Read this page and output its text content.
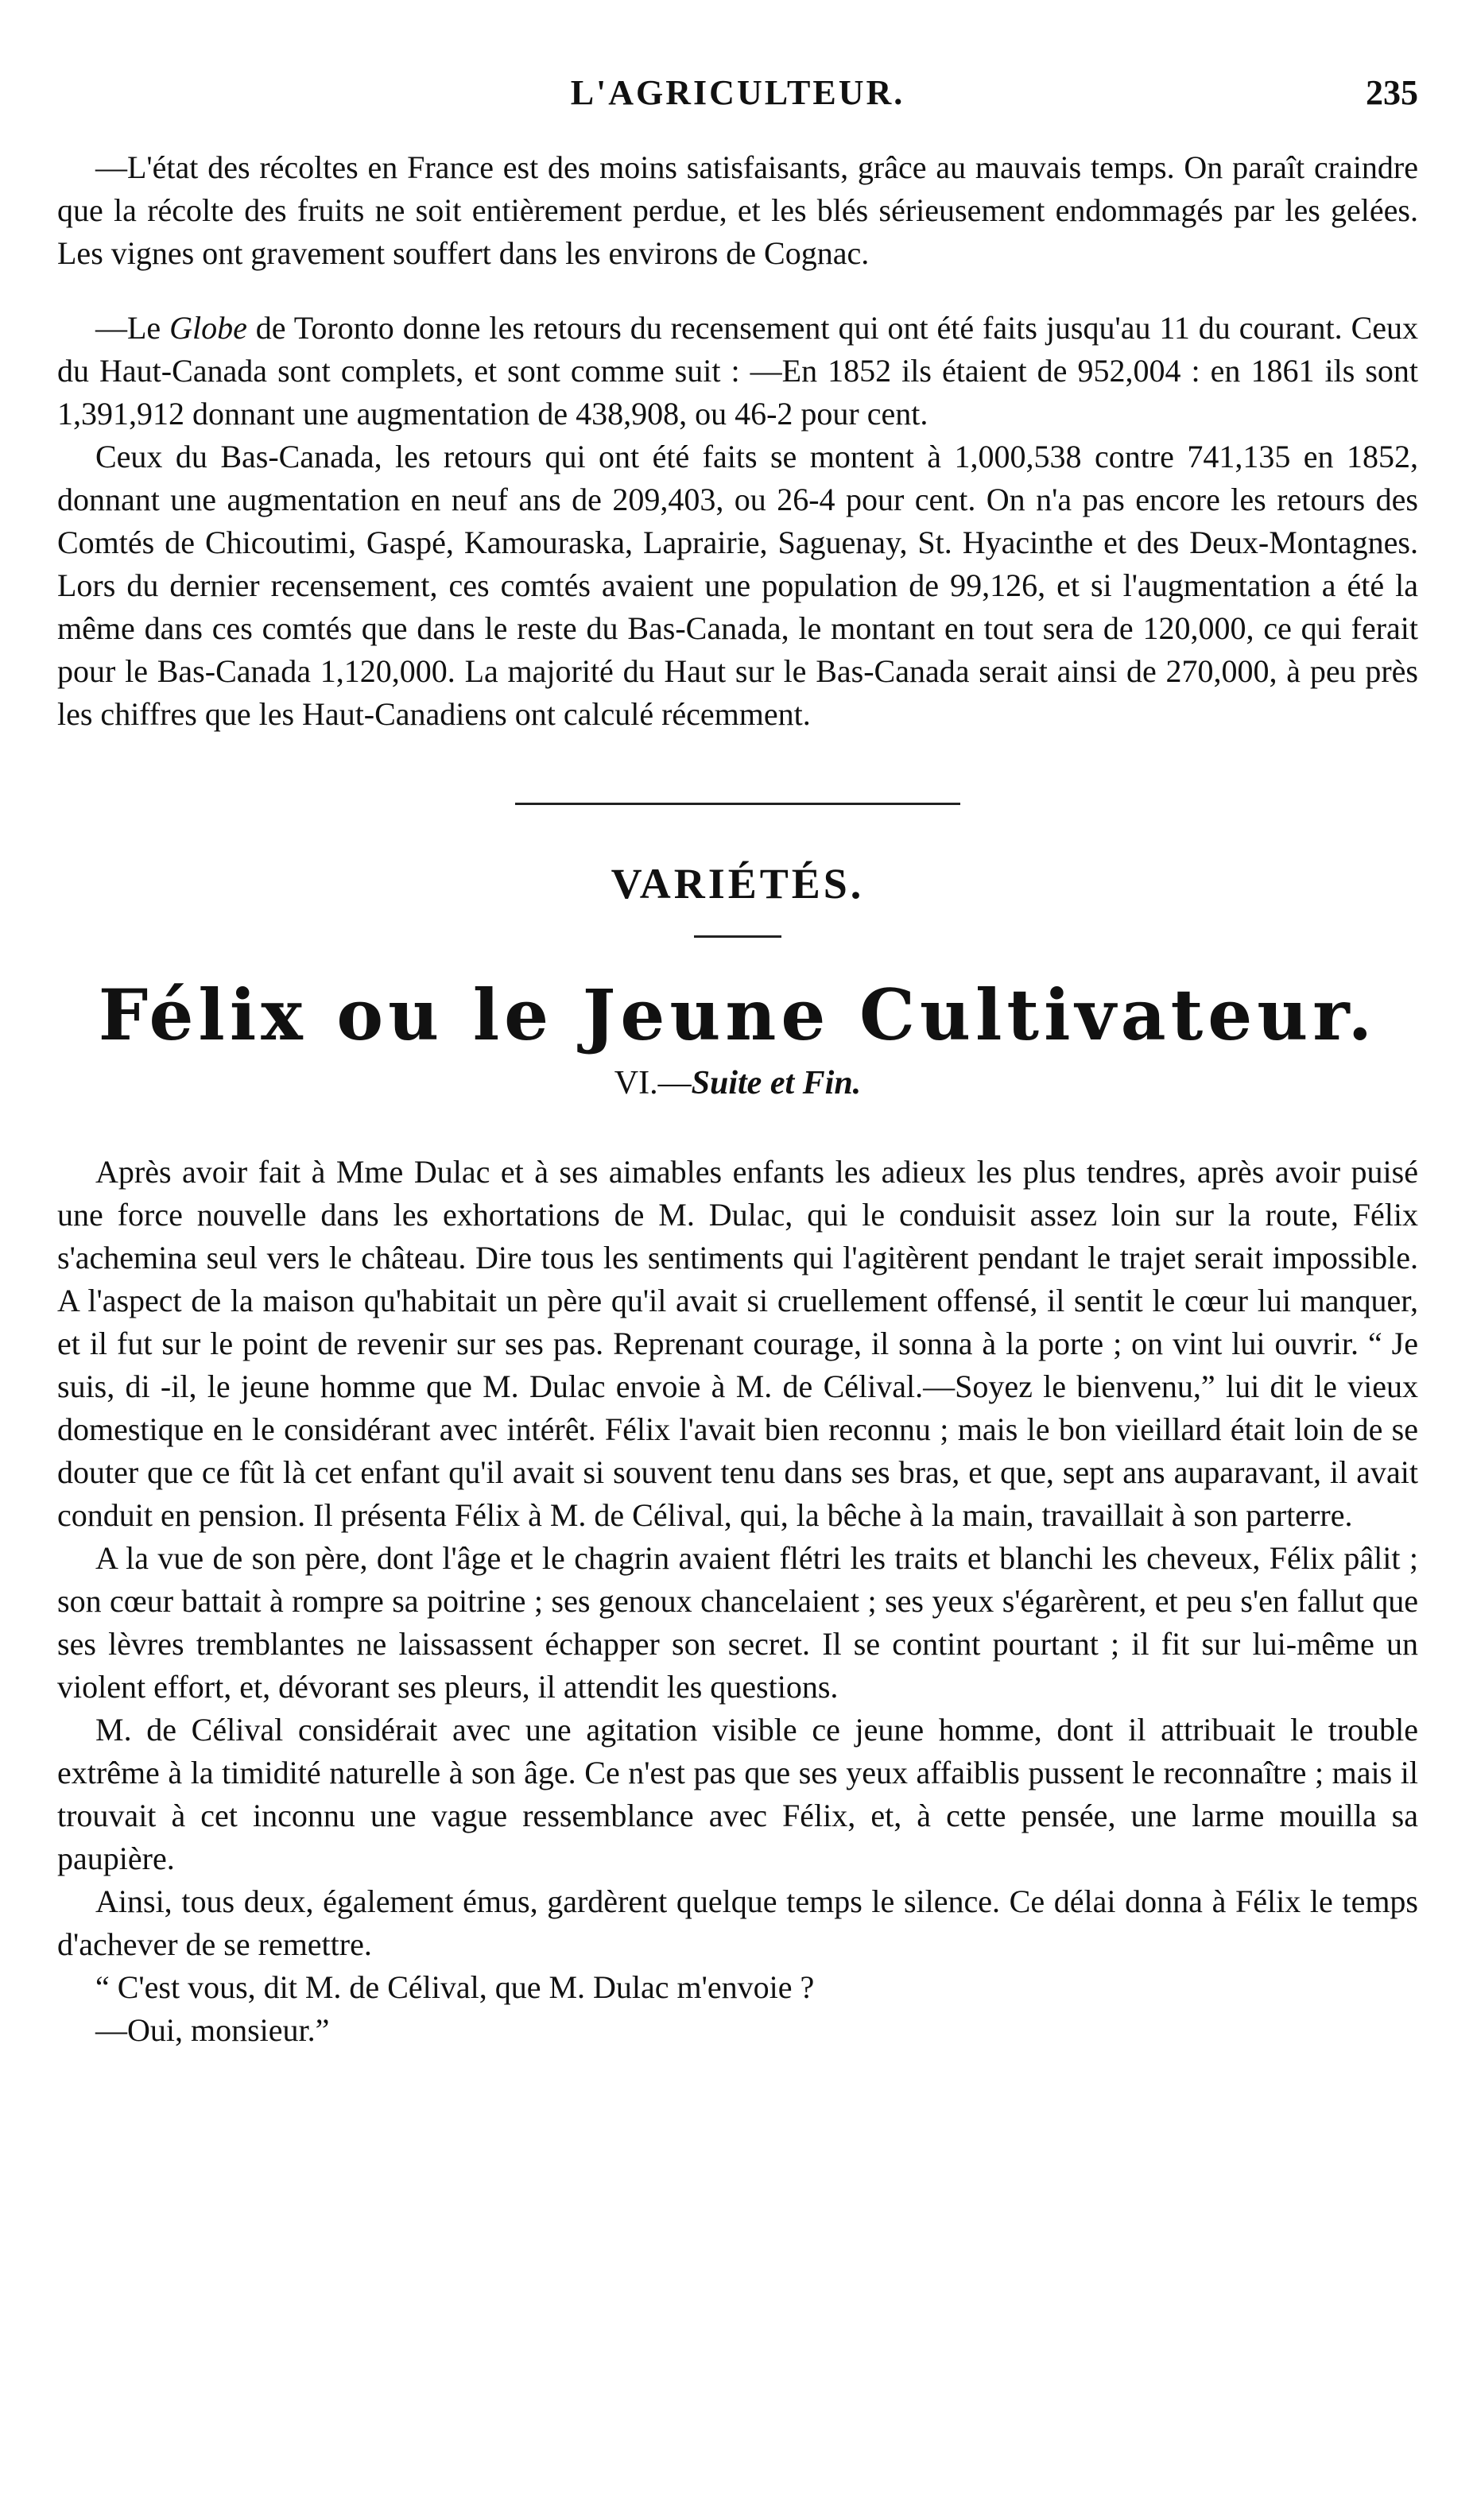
L'AGRICULTEUR.	235

—L'état des récoltes en France est des moins satisfaisants, grâce au mauvais temps. On paraît craindre que la récolte des fruits ne soit entièrement perdue, et les blés sérieusement endommagés par les gelées. Les vignes ont gravement souffert dans les environs de Cognac.

—Le Globe de Toronto donne les retours du recensement qui ont été faits jusqu'au 11 du courant. Ceux du Haut-Canada sont complets, et sont comme suit : —En 1852 ils étaient de 952,004 : en 1861 ils sont 1,391,912 donnant une augmentation de 438,908, ou 46-2 pour cent.

Ceux du Bas-Canada, les retours qui ont été faits se montent à 1,000,538 contre 741,135 en 1852, donnant une augmentation en neuf ans de 209,403, ou 26-4 pour cent. On n'a pas encore les retours des Comtés de Chicoutimi, Gaspé, Kamouraska, Laprairie, Saguenay, St. Hyacinthe et des Deux-Montagnes. Lors du dernier recensement, ces comtés avaient une population de 99,126, et si l'augmentation a été la même dans ces comtés que dans le reste du Bas-Canada, le montant en tout sera de 120,000, ce qui ferait pour le Bas-Canada 1,120,000. La majorité du Haut sur le Bas-Canada serait ainsi de 270,000, à peu près les chiffres que les Haut-Canadiens ont calculé récemment.

VARIÉTÉS.
Félix ou le Jeune Cultivateur.
VI.—Suite et Fin.

Après avoir fait à Mme Dulac et à ses aimables enfants les adieux les plus tendres, après avoir puisé une force nouvelle dans les exhortations de M. Dulac, qui le conduisit assez loin sur la route, Félix s'achemina seul vers le château. Dire tous les sentiments qui l'agitèrent pendant le trajet serait impossible. A l'aspect de la maison qu'habitait un père qu'il avait si cruellement offensé, il sentit le cœur lui manquer, et il fut sur le point de revenir sur ses pas. Reprenant courage, il sonna à la porte ; on vint lui ouvrir. “ Je suis, di -il, le jeune homme que M. Dulac envoie à M. de Célival.—Soyez le bienvenu,” lui dit le vieux domestique en le considérant avec intérêt. Félix l'avait bien reconnu ; mais le bon vieillard était loin de se douter que ce fût là cet enfant qu'il avait si souvent tenu dans ses bras, et que, sept ans auparavant, il avait conduit en pension. Il présenta Félix à M. de Célival, qui, la bêche à la main, travaillait à son parterre.

A la vue de son père, dont l'âge et le chagrin avaient flétri les traits et blanchi les cheveux, Félix pâlit ; son cœur battait à rompre sa poitrine ; ses genoux chancelaient ; ses yeux s'égarèrent, et peu s'en fallut que ses lèvres tremblantes ne laissassent échapper son secret. Il se contint pourtant ; il fit sur lui-même un violent effort, et, dévorant ses pleurs, il attendit les questions.

M. de Célival considérait avec une agitation visible ce jeune homme, dont il attribuait le trouble extrême à la timidité naturelle à son âge. Ce n'est pas que ses yeux affaiblis pussent le reconnaître ; mais il trouvait à cet inconnu une vague ressemblance avec Félix, et, à cette pensée, une larme mouilla sa paupière.

Ainsi, tous deux, également émus, gardèrent quelque temps le silence. Ce délai donna à Félix le temps d'achever de se remettre.

“ C'est vous, dit M. de Célival, que M. Dulac m'envoie ?

—Oui, monsieur.”
